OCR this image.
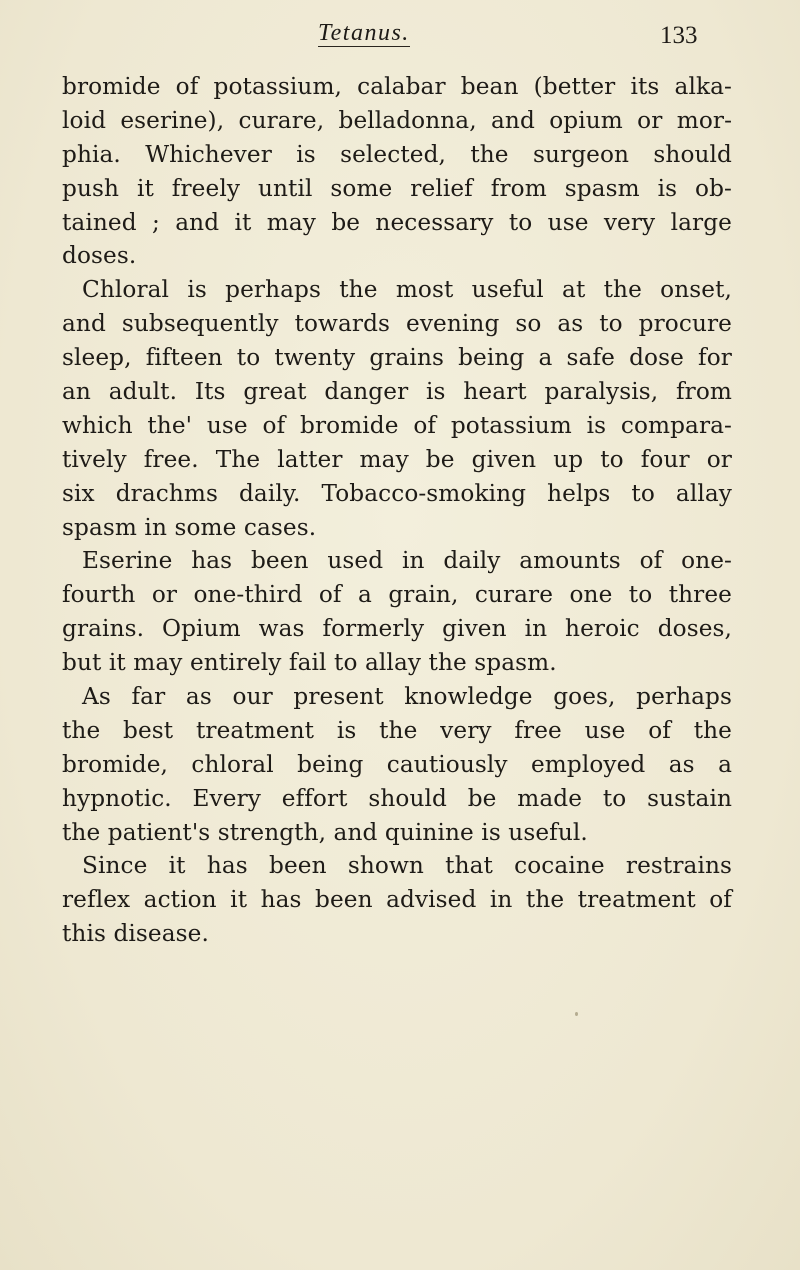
Tetanus.	133
bromide of potassium, calabar bean (better its alka-
loid eserine), curare, belladonna, and opium or mor-
phia. Whichever is selected, the surgeon should
push it freely until some relief from spasm is ob-
tained ; and it may be necessary to use very large
doses.
Chloral is perhaps the most useful at the onset,
and subsequently towards evening so as to procure
sleep, fifteen to twenty grains being a safe dose for
an adult. Its great danger is heart paralysis, from
which the' use of bromide of potassium is compara-
tively free. The latter may be given up to four or
six drachms daily. Tobacco-smoking helps to allay
spasm in some cases.
Eserine has been used in daily amounts of one-
fourth or one-third of a grain, curare one to three
grains. Opium was formerly given in heroic doses,
but it may entirely fail to allay the spasm.
As far as our present knowledge goes, perhaps
the best treatment is the very free use of the
bromide, chloral being cautiously employed as a
hypnotic. Every effort should be made to sustain
the patient's strength, and quinine is useful.
Since it has been shown that cocaine restrains
reflex action it has been advised in the treatment of
this disease.
